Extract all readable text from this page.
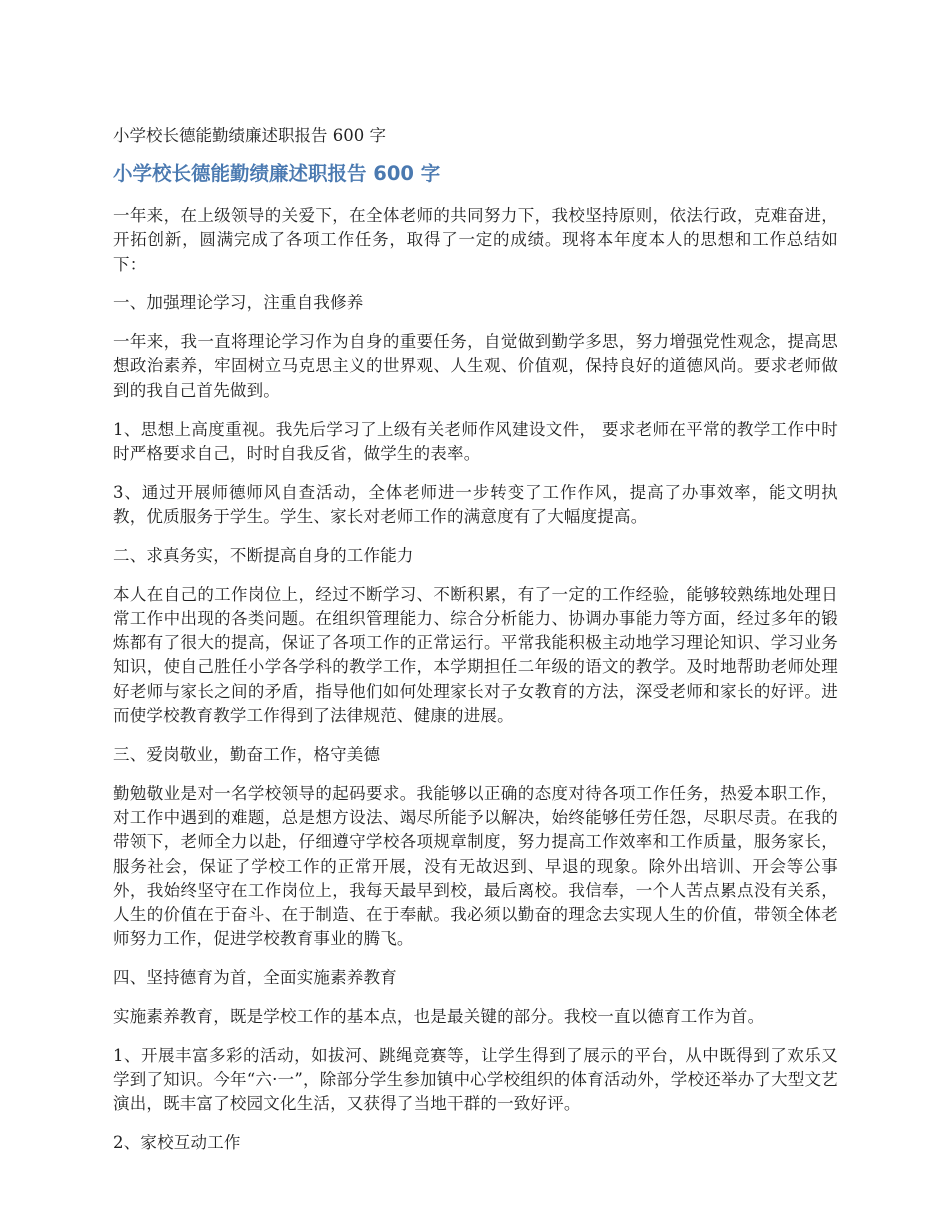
小学校长德能勤绩廉述职报告 600 字
小学校长德能勤绩廉述职报告 600 字

一年来，在上级领导的关爱下，在全体老师的共同努力下，我校坚持原则，依法行政，克难奋进，开拓创新，圆满完成了各项工作任务，取得了一定的成绩。现将本年度本人的思想和工作总结如下：

一、加强理论学习，注重自我修养

一年来，我一直将理论学习作为自身的重要任务，自觉做到勤学多思，努力增强党性观念，提高思想政治素养，牢固树立马克思主义的世界观、人生观、价值观，保持良好的道德风尚。要求老师做到的我自己首先做到。

1、思想上高度重视。我先后学习了上级有关老师作风建设文件， 要求老师在平常的教学工作中时时严格要求自己，时时自我反省，做学生的表率。

3、通过开展师德师风自查活动，全体老师进一步转变了工作作风，提高了办事效率，能文明执教，优质服务于学生。学生、家长对老师工作的满意度有了大幅度提高。

二、求真务实，不断提高自身的工作能力

本人在自己的工作岗位上，经过不断学习、不断积累，有了一定的工作经验，能够较熟练地处理日常工作中出现的各类问题。在组织管理能力、综合分析能力、协调办事能力等方面，经过多年的锻炼都有了很大的提高，保证了各项工作的正常运行。平常我能积极主动地学习理论知识、学习业务知识，使自己胜任小学各学科的教学工作，本学期担任二年级的语文的教学。及时地帮助老师处理好老师与家长之间的矛盾，指导他们如何处理家长对子女教育的方法，深受老师和家长的好评。进而使学校教育教学工作得到了法律规范、健康的进展。

三、爱岗敬业，勤奋工作，格守美德

勤勉敬业是对一名学校领导的起码要求。我能够以正确的态度对待各项工作任务，热爱本职工作，对工作中遇到的难题，总是想方设法、竭尽所能予以解决，始终能够任劳任怨，尽职尽责。在我的带领下，老师全力以赴，仔细遵守学校各项规章制度，努力提高工作效率和工作质量，服务家长，服务社会，保证了学校工作的正常开展，没有无故迟到、早退的现象。除外出培训、开会等公事外，我始终坚守在工作岗位上，我每天最早到校，最后离校。我信奉，一个人苦点累点没有关系，人生的价值在于奋斗、在于制造、在于奉献。我必须以勤奋的理念去实现人生的价值，带领全体老师努力工作，促进学校教育事业的腾飞。

四、坚持德育为首，全面实施素养教育

实施素养教育，既是学校工作的基本点，也是最关键的部分。我校一直以德育工作为首。

1、开展丰富多彩的活动，如拔河、跳绳竞赛等，让学生得到了展示的平台，从中既得到了欢乐又学到了知识。今年“六·一”，除部分学生参加镇中心学校组织的体育活动外，学校还举办了大型文艺演出，既丰富了校园文化生活，又获得了当地干群的一致好评。

2、家校互动工作
